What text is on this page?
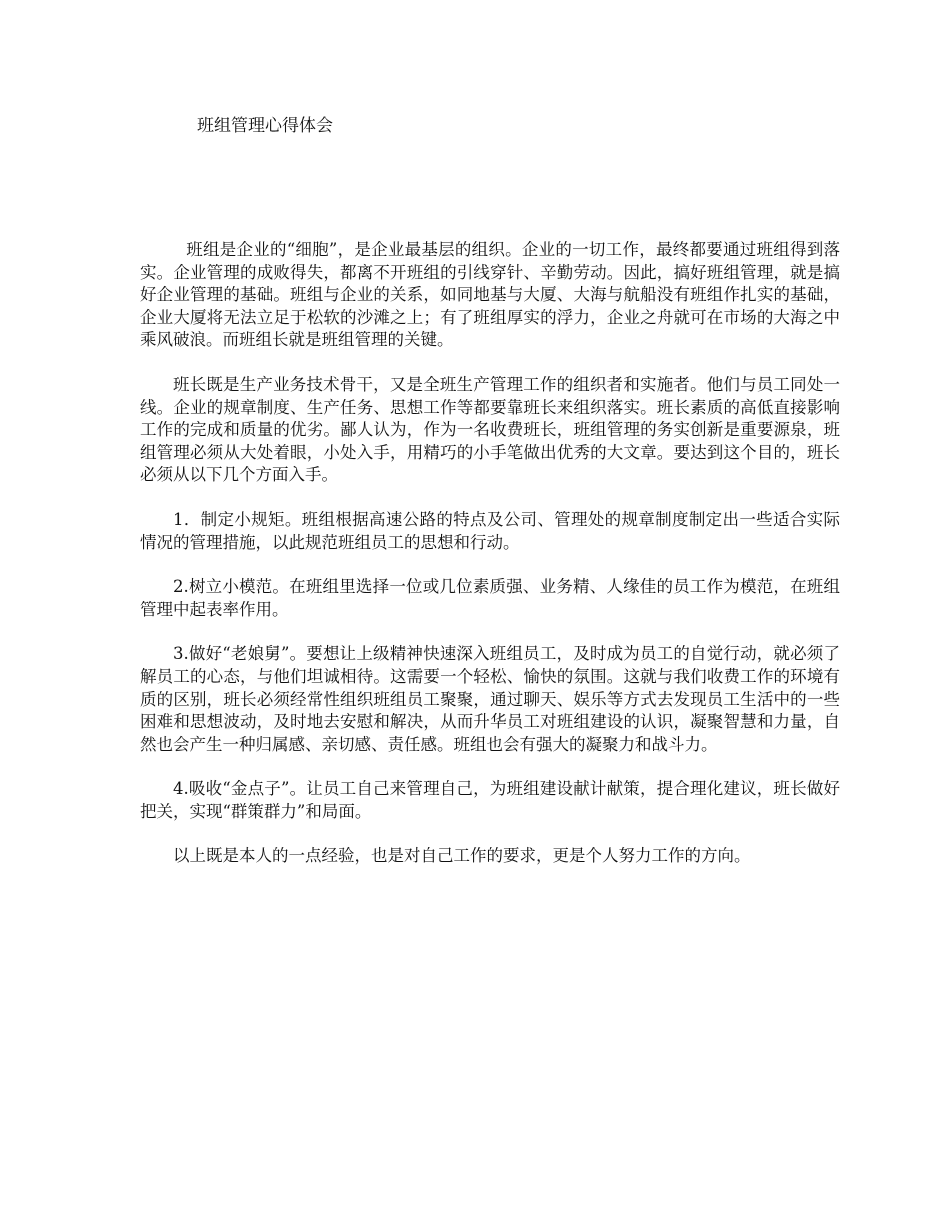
班组管理心得体会

班组是企业的“细胞”，是企业最基层的组织。企业的一切工作，最终都要通过班组得到落实。企业管理的成败得失，都离不开班组的引线穿针、辛勤劳动。因此，搞好班组管理，就是搞好企业管理的基础。班组与企业的关系，如同地基与大厦、大海与航船没有班组作扎实的基础，企业大厦将无法立足于松软的沙滩之上；有了班组厚实的浮力，企业之舟就可在市场的大海之中乘风破浪。而班组长就是班组管理的关键。

班长既是生产业务技术骨干，又是全班生产管理工作的组织者和实施者。他们与员工同处一线。企业的规章制度、生产任务、思想工作等都要靠班长来组织落实。班长素质的高低直接影响工作的完成和质量的优劣。鄙人认为，作为一名收费班长，班组管理的务实创新是重要源泉，班组管理必须从大处着眼，小处入手，用精巧的小手笔做出优秀的大文章。要达到这个目的，班长必须从以下几个方面入手。

1．制定小规矩。班组根据高速公路的特点及公司、管理处的规章制度制定出一些适合实际情况的管理措施，以此规范班组员工的思想和行动。

2.树立小模范。在班组里选择一位或几位素质强、业务精、人缘佳的员工作为模范，在班组管理中起表率作用。

3.做好“老娘舅”。要想让上级精神快速深入班组员工，及时成为员工的自觉行动，就必须了解员工的心态，与他们坦诚相待。这需要一个轻松、愉快的氛围。这就与我们收费工作的环境有质的区别，班长必须经常性组织班组员工聚聚，通过聊天、娱乐等方式去发现员工生活中的一些困难和思想波动，及时地去安慰和解决，从而升华员工对班组建设的认识，凝聚智慧和力量，自然也会产生一种归属感、亲切感、责任感。班组也会有强大的凝聚力和战斗力。

4.吸收“金点子”。让员工自己来管理自己，为班组建设献计献策，提合理化建议，班长做好把关，实现“群策群力”和局面。

以上既是本人的一点经验，也是对自己工作的要求，更是个人努力工作的方向。
